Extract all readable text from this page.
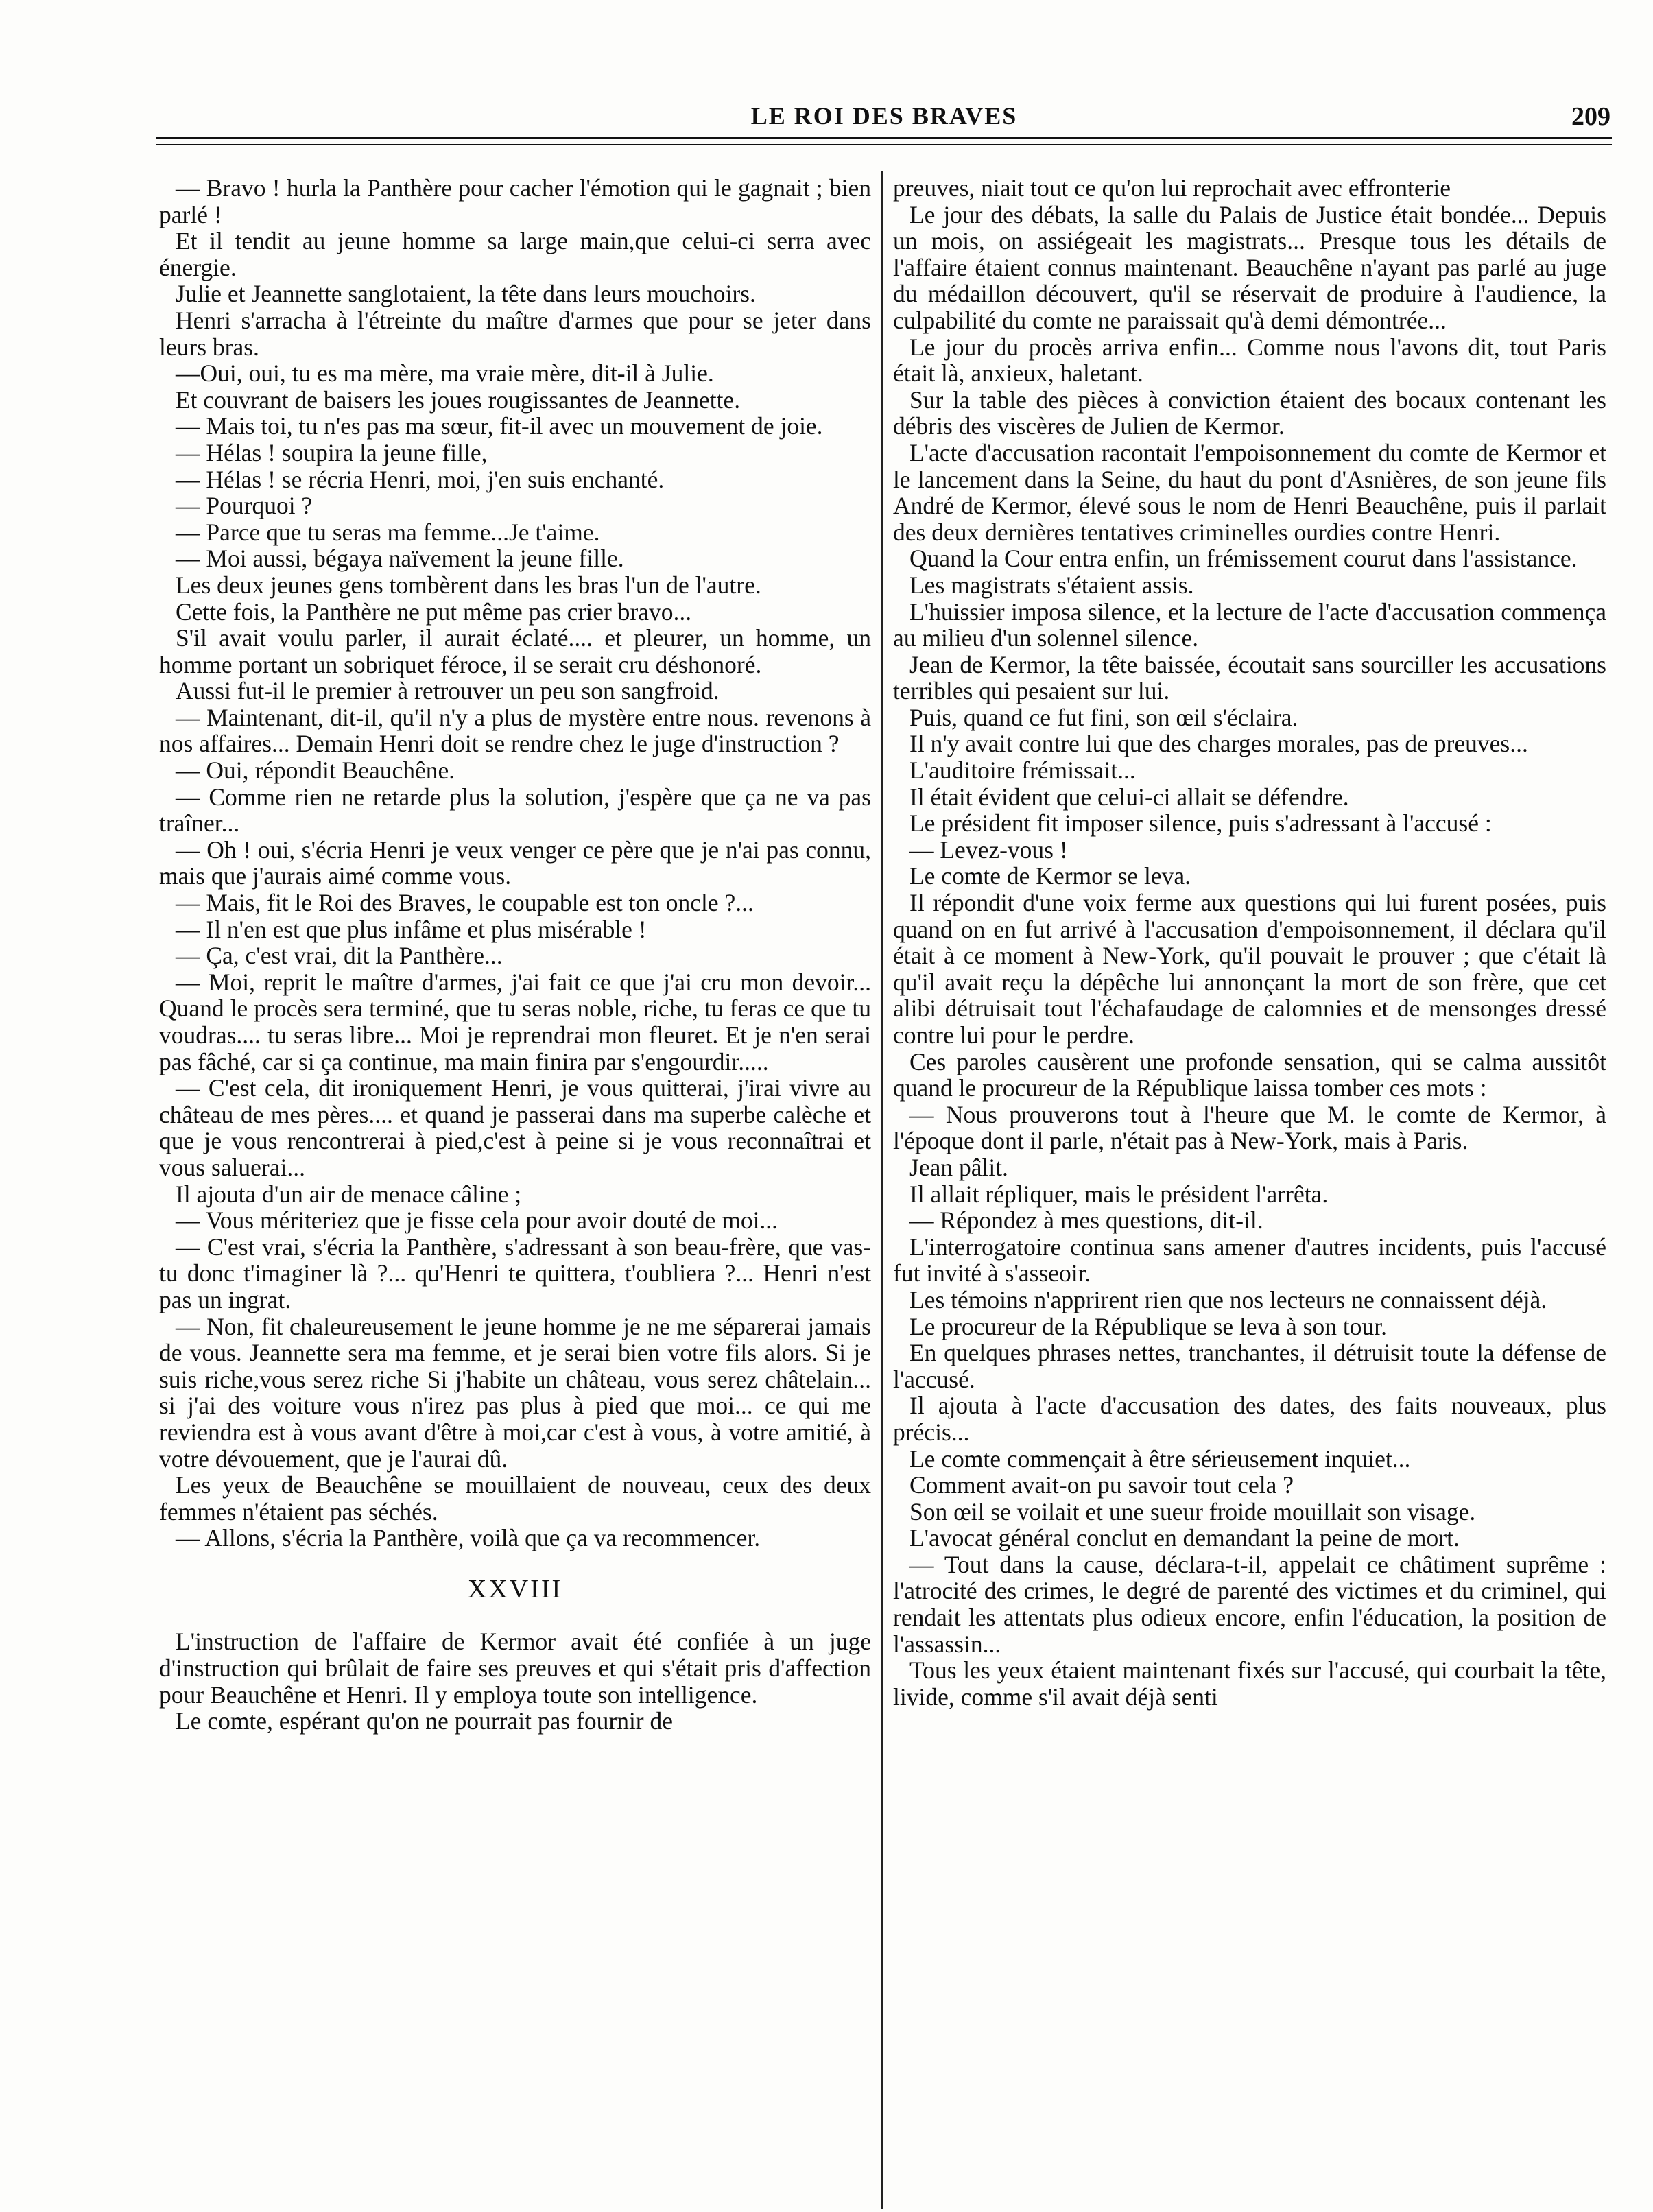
LE ROI DES BRAVES	209

— Bravo ! hurla la Panthère pour cacher l'émotion qui le gagnait ; bien parlé !

Et il tendit au jeune homme sa large main,que celui-ci serra avec énergie.

Julie et Jeannette sanglotaient, la tête dans leurs mouchoirs.

Henri s'arracha à l'étreinte du maître d'armes que pour se jeter dans leurs bras.

—Oui, oui, tu es ma mère, ma vraie mère, dit-il à Julie.

Et couvrant de baisers les joues rougissantes de Jeannette.

— Mais toi, tu n'es pas ma sœur, fit-il avec un mouvement de joie.

— Hélas ! soupira la jeune fille,

— Hélas ! se récria Henri, moi, j'en suis enchanté.

— Pourquoi ?

— Parce que tu seras ma femme...Je t'aime.

— Moi aussi, bégaya naïvement la jeune fille.

Les deux jeunes gens tombèrent dans les bras l'un de l'autre.

Cette fois, la Panthère ne put même pas crier bravo...

S'il avait voulu parler, il aurait éclaté.... et pleurer, un homme, un homme portant un sobriquet féroce, il se serait cru déshonoré.

Aussi fut-il le premier à retrouver un peu son sangfroid.

— Maintenant, dit-il, qu'il n'y a plus de mystère entre nous. revenons à nos affaires... Demain Henri doit se rendre chez le juge d'instruction ?

— Oui, répondit Beauchêne.

— Comme rien ne retarde plus la solution, j'espère que ça ne va pas traîner...

— Oh ! oui, s'écria Henri je veux venger ce père que je n'ai pas connu, mais que j'aurais aimé comme vous.

— Mais, fit le Roi des Braves, le coupable est ton oncle ?...

— Il n'en est que plus infâme et plus misérable !

— Ça, c'est vrai, dit la Panthère...

— Moi, reprit le maître d'armes, j'ai fait ce que j'ai cru mon devoir... Quand le procès sera terminé, que tu seras noble, riche, tu feras ce que tu voudras.... tu seras libre... Moi je reprendrai mon fleuret. Et je n'en serai pas fâché, car si ça continue, ma main finira par s'engourdir.....

— C'est cela, dit ironiquement Henri, je vous quitterai, j'irai vivre au château de mes pères.... et quand je passerai dans ma superbe calèche et que je vous rencontrerai à pied,c'est à peine si je vous reconnaîtrai et vous saluerai...

Il ajouta d'un air de menace câline ;

— Vous mériteriez que je fisse cela pour avoir douté de moi...

— C'est vrai, s'écria la Panthère, s'adressant à son beau-frère, que vas-tu donc t'imaginer là ?... qu'Henri te quittera, t'oubliera ?... Henri n'est pas un ingrat.

— Non, fit chaleureusement le jeune homme je ne me séparerai jamais de vous. Jeannette sera ma femme, et je serai bien votre fils alors. Si je suis riche,vous serez riche Si j'habite un château, vous serez châtelain... si j'ai des voiture vous n'irez pas plus à pied que moi... ce qui me reviendra est à vous avant d'être à moi,car c'est à vous, à votre amitié, à votre dévouement, que je l'aurai dû.

Les yeux de Beauchêne se mouillaient de nouveau, ceux des deux femmes n'étaient pas séchés.

— Allons, s'écria la Panthère, voilà que ça va recommencer.

XXVIII

L'instruction de l'affaire de Kermor avait été confiée à un juge d'instruction qui brûlait de faire ses preuves et qui s'était pris d'affection pour Beauchêne et Henri. Il y employa toute son intelligence.

Le comte, espérant qu'on ne pourrait pas fournir de

preuves, niait tout ce qu'on lui reprochait avec effronterie

Le jour des débats, la salle du Palais de Justice était bondée... Depuis un mois, on assiégeait les magistrats... Presque tous les détails de l'affaire étaient connus maintenant. Beauchêne n'ayant pas parlé au juge du médaillon découvert, qu'il se réservait de produire à l'audience, la culpabilité du comte ne paraissait qu'à demi démontrée...

Le jour du procès arriva enfin... Comme nous l'avons dit, tout Paris était là, anxieux, haletant.

Sur la table des pièces à conviction étaient des bocaux contenant les débris des viscères de Julien de Kermor.

L'acte d'accusation racontait l'empoisonnement du comte de Kermor et le lancement dans la Seine, du haut du pont d'Asnières, de son jeune fils André de Kermor, élevé sous le nom de Henri Beauchêne, puis il parlait des deux dernières tentatives criminelles ourdies contre Henri.

Quand la Cour entra enfin, un frémissement courut dans l'assistance.

Les magistrats s'étaient assis.

L'huissier imposa silence, et la lecture de l'acte d'accusation commença au milieu d'un solennel silence.

Jean de Kermor, la tête baissée, écoutait sans sourciller les accusations terribles qui pesaient sur lui.

Puis, quand ce fut fini, son œil s'éclaira.

Il n'y avait contre lui que des charges morales, pas de preuves...

L'auditoire frémissait...

Il était évident que celui-ci allait se défendre.

Le président fit imposer silence, puis s'adressant à l'accusé :

— Levez-vous !

Le comte de Kermor se leva.

Il répondit d'une voix ferme aux questions qui lui furent posées, puis quand on en fut arrivé à l'accusation d'empoisonnement, il déclara qu'il était à ce moment à New-York, qu'il pouvait le prouver ; que c'était là qu'il avait reçu la dépêche lui annonçant la mort de son frère, que cet alibi détruisait tout l'échafaudage de calomnies et de mensonges dressé contre lui pour le perdre.

Ces paroles causèrent une profonde sensation, qui se calma aussitôt quand le procureur de la République laissa tomber ces mots :

— Nous prouverons tout à l'heure que M. le comte de Kermor, à l'époque dont il parle, n'était pas à New-York, mais à Paris.

Jean pâlit.

Il allait répliquer, mais le président l'arrêta.

— Répondez à mes questions, dit-il.

L'interrogatoire continua sans amener d'autres incidents, puis l'accusé fut invité à s'asseoir.

Les témoins n'apprirent rien que nos lecteurs ne connaissent déjà.

Le procureur de la République se leva à son tour.

En quelques phrases nettes, tranchantes, il détruisit toute la défense de l'accusé.

Il ajouta à l'acte d'accusation des dates, des faits nouveaux, plus précis...

Le comte commençait à être sérieusement inquiet...

Comment avait-on pu savoir tout cela ?

Son œil se voilait et une sueur froide mouillait son visage.

L'avocat général conclut en demandant la peine de mort.

— Tout dans la cause, déclara-t-il, appelait ce châtiment suprême : l'atrocité des crimes, le degré de parenté des victimes et du criminel, qui rendait les attentats plus odieux encore, enfin l'éducation, la position de l'assassin...

Tous les yeux étaient maintenant fixés sur l'accusé, qui courbait la tête, livide, comme s'il avait déjà senti
